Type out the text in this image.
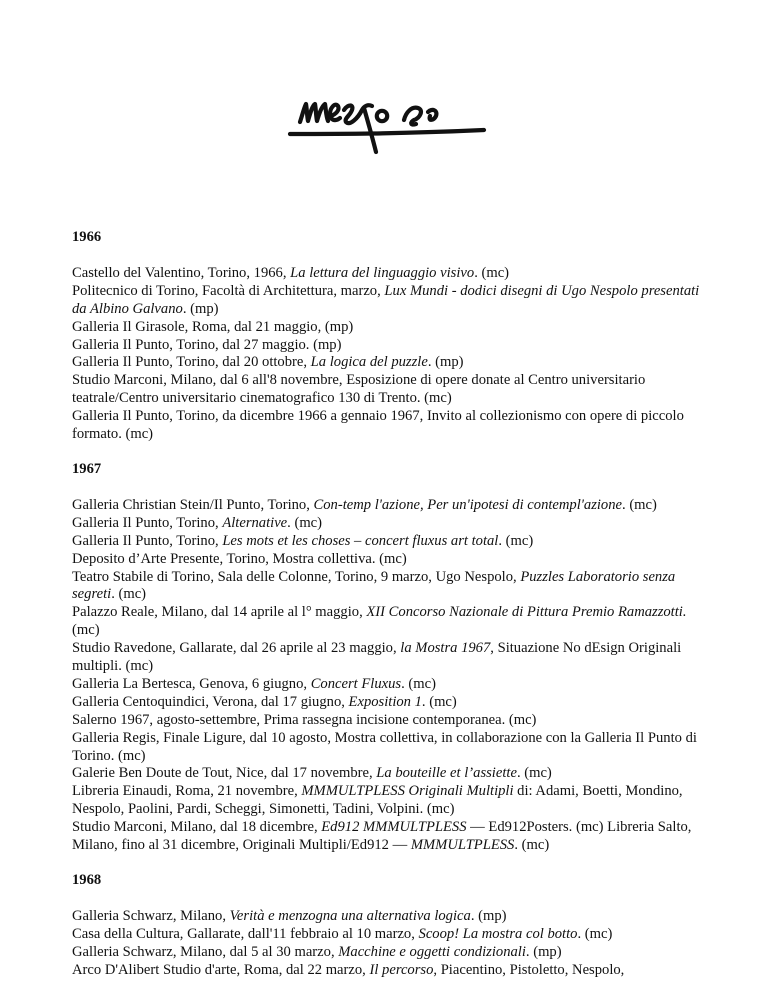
1966

Castello del Valentino, Torino, 1966, La lettura del linguaggio visivo. (mc)

Politecnico di Torino, Facoltà di Architettura, marzo, Lux Mundi - dodici disegni di Ugo Nespolo presentati da Albino Galvano. (mp)

Galleria Il Girasole, Roma, dal 21 maggio, (mp)

Galleria Il Punto, Torino, dal 27 maggio. (mp)

Galleria Il Punto, Torino, dal 20 ottobre, La logica del puzzle. (mp)

Studio Marconi, Milano, dal 6 all'8 novembre, Esposizione di opere donate al Centro universitario teatrale/Centro universitario cinematografico 130 di Trento. (mc)

Galleria Il Punto, Torino, da dicembre 1966 a gennaio 1967, Invito al collezionismo con opere di piccolo formato. (mc)

1967

Galleria Christian Stein/Il Punto, Torino, Con-temp l'azione, Per un'ipotesi di contempl'azione. (mc)

Galleria Il Punto, Torino, Alternative. (mc)

Galleria Il Punto, Torino, Les mots et les choses – concert fluxus art total. (mc)

Deposito d’Arte Presente, Torino, Mostra collettiva. (mc)

Teatro Stabile di Torino, Sala delle Colonne, Torino, 9 marzo, Ugo Nespolo, Puzzles Laboratorio senza segreti. (mc)

Palazzo Reale, Milano, dal 14 aprile al l° maggio, XII Concorso Nazionale di Pittura Premio Ramazzotti. (mc)

Studio Ravedone, Gallarate, dal 26 aprile al 23 maggio, la Mostra 1967, Situazione No dEsign Originali multipli. (mc)

Galleria La Bertesca, Genova, 6 giugno, Concert Fluxus. (mc)

Galleria Centoquindici, Verona, dal 17 giugno, Exposition 1. (mc)

Salerno 1967, agosto-settembre, Prima rassegna incisione contemporanea. (mc)

Galleria Regis, Finale Ligure, dal 10 agosto, Mostra collettiva, in collaborazione con la Galleria Il Punto di Torino. (mc)

Galerie Ben Doute de Tout, Nice, dal 17 novembre, La bouteille et l’assiette. (mc)

Libreria Einaudi, Roma, 21 novembre, MMMULTPLESS Originali Multipli di: Adami, Boetti, Mondino, Nespolo, Paolini, Pardi, Scheggi, Simonetti, Tadini, Volpini. (mc)

Studio Marconi, Milano, dal 18 dicembre, Ed912 MMMULTPLESS — Ed912Posters. (mc) Libreria Salto, Milano, fino al 31 dicembre, Originali Multipli/Ed912 — MMMULTPLESS. (mc)

1968

Galleria Schwarz, Milano, Verità e menzogna una alternativa logica. (mp)

Casa della Cultura, Gallarate, dall'11 febbraio al 10 marzo, Scoop! La mostra col botto. (mc)

Galleria Schwarz, Milano, dal 5 al 30 marzo, Macchine e oggetti condizionali. (mp)

Arco D'Alibert Studio d'arte, Roma, dal 22 marzo, Il percorso, Piacentino, Pistoletto, Nespolo,
